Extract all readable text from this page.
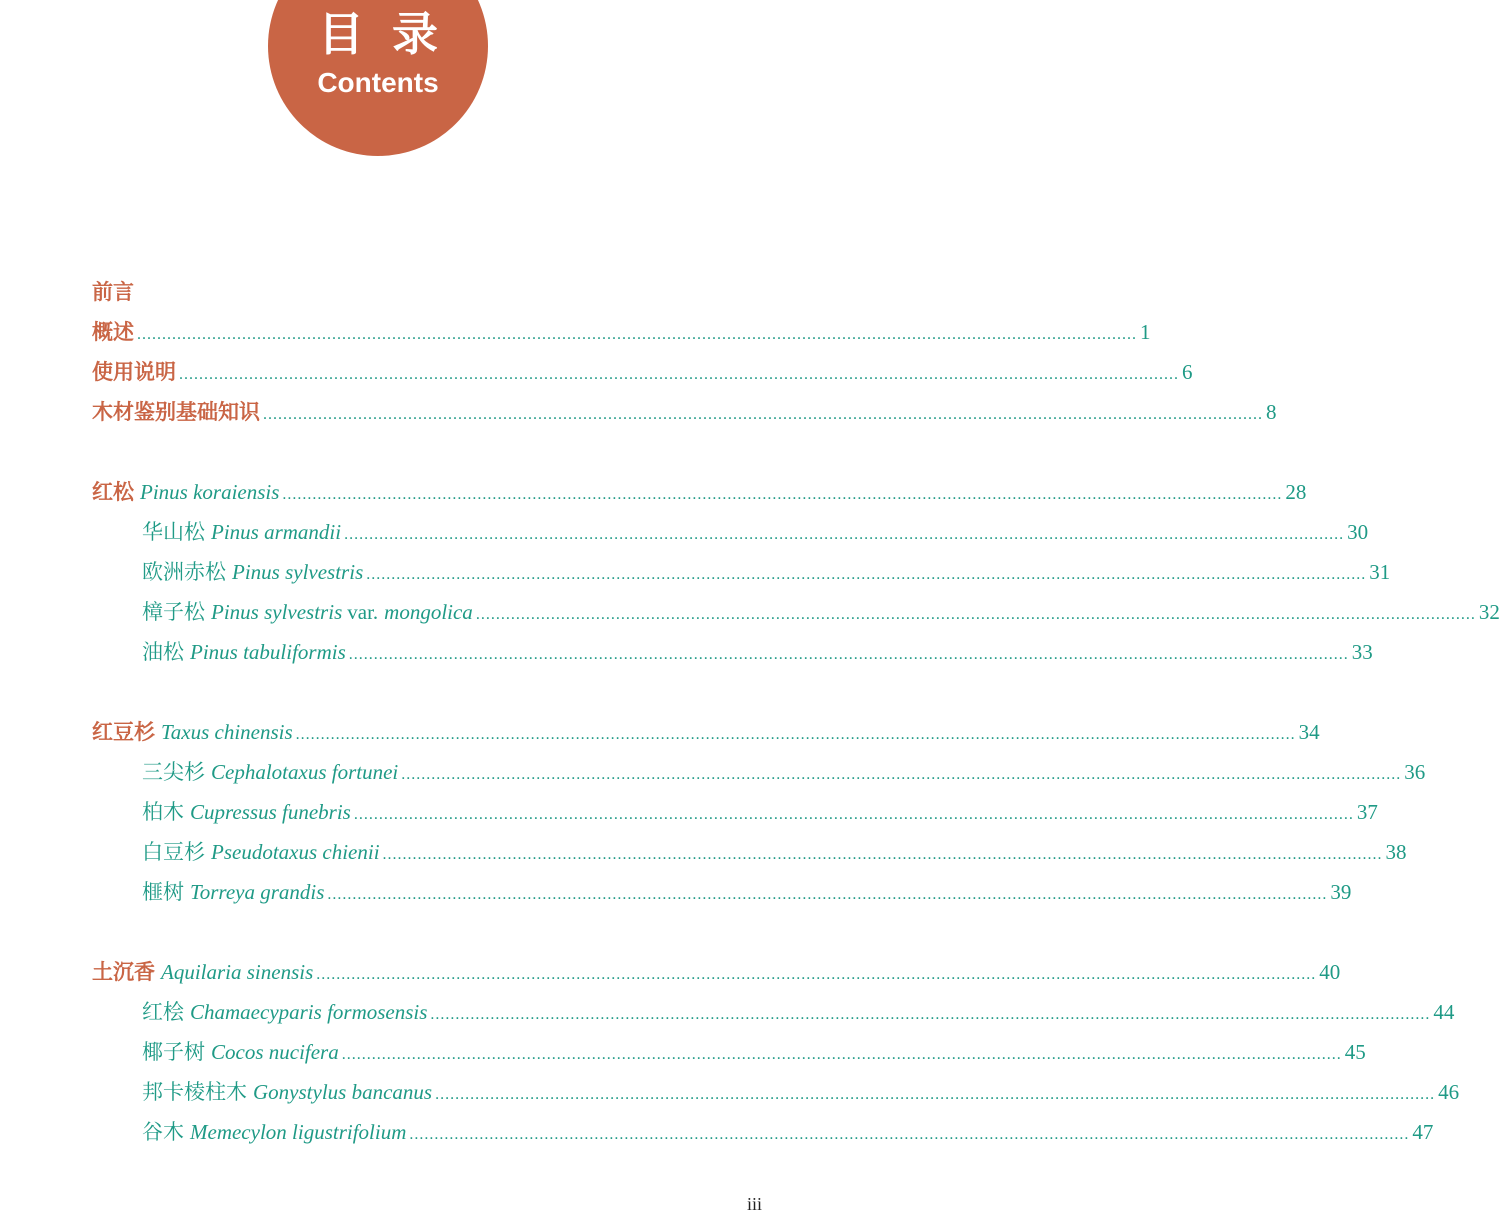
目录
Contents
前言
概述 ........................................................................................................................................................................................................ 1
使用说明 ........................................................................................................................................................................................................ 6
木材鉴别基础知识 ........................................................................................................................................................................................................ 8
红松 Pinus koraiensis ........................................................................................................................................................................................................ 28
华山松 Pinus armandii ........................................................................................................................................................................................................ 30
欧洲赤松 Pinus sylvestris ........................................................................................................................................................................................................ 31
樟子松 Pinus sylvestris var. mongolica ........................................................................................................................................................................................................ 32
油松 Pinus tabuliformis ........................................................................................................................................................................................................ 33
红豆杉 Taxus chinensis ........................................................................................................................................................................................................ 34
三尖杉 Cephalotaxus fortunei ........................................................................................................................................................................................................ 36
柏木 Cupressus funebris ........................................................................................................................................................................................................ 37
白豆杉 Pseudotaxus chienii ........................................................................................................................................................................................................ 38
榧树 Torreya grandis ........................................................................................................................................................................................................ 39
土沉香 Aquilaria sinensis ........................................................................................................................................................................................................ 40
红桧 Chamaecyparis formosensis ........................................................................................................................................................................................................ 44
椰子树 Cocos nucifera ........................................................................................................................................................................................................ 45
邦卡棱柱木 Gonystylus bancanus ........................................................................................................................................................................................................ 46
谷木 Memecylon ligustrifolium ........................................................................................................................................................................................................ 47
iii
